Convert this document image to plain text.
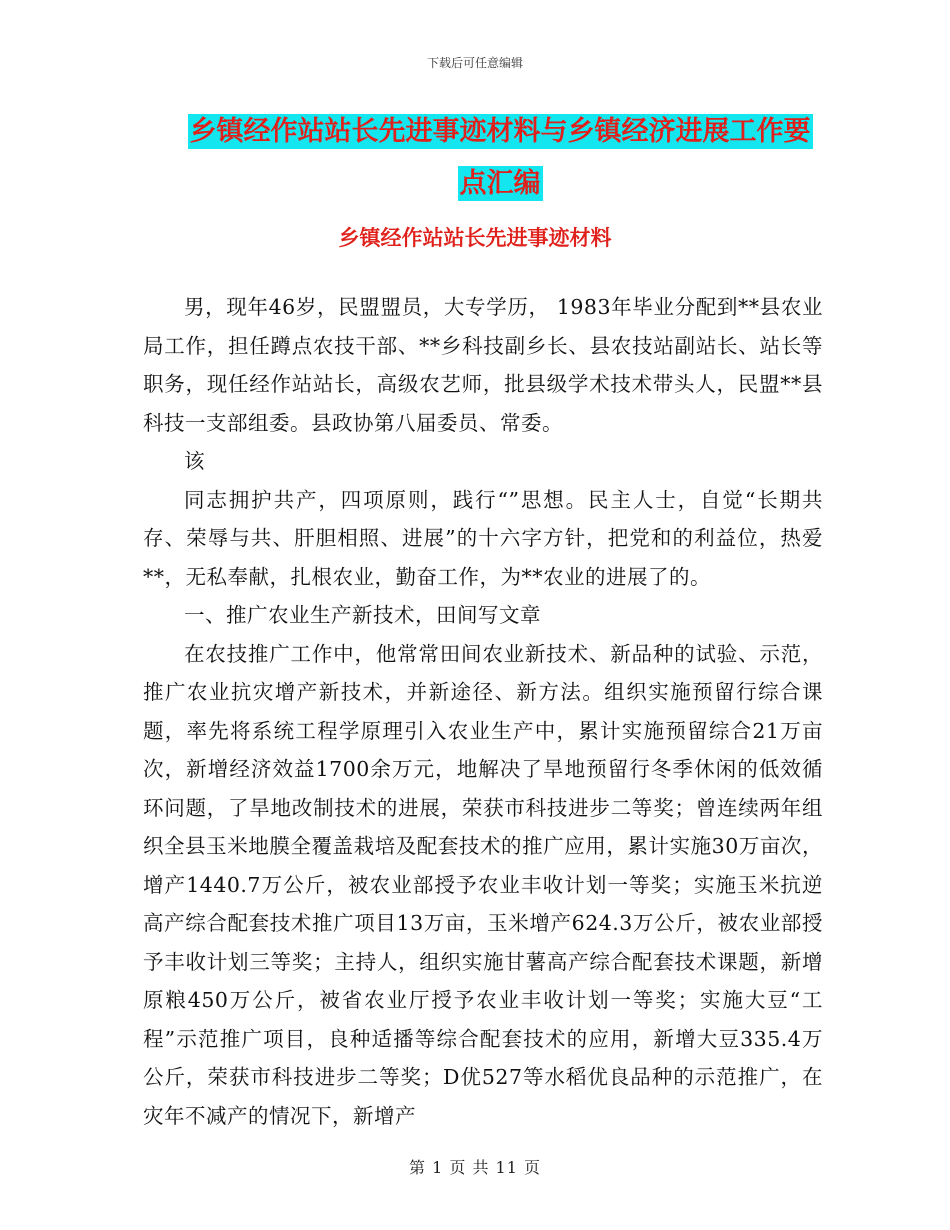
下载后可任意编辑
乡镇经作站站长先进事迹材料与乡镇经济进展工作要
点汇编
乡镇经作站站长先进事迹材料

男，现年46岁，民盟盟员，大专学历， 1983年毕业分配到**县农业局工作，担任蹲点农技干部、**乡科技副乡长、县农技站副站长、站长等职务，现任经作站站长，高级农艺师，批县级学术技术带头人，民盟**县科技一支部组委。县政协第八届委员、常委。

该

同志拥护共产，四项原则，践行“”思想。民主人士，自觉“长期共存、荣辱与共、肝胆相照、进展”的十六字方针，把党和的利益位，热爱**，无私奉献，扎根农业，勤奋工作，为**农业的进展了的。

一、推广农业生产新技术，田间写文章

在农技推广工作中，他常常田间农业新技术、新品种的试验、示范，推广农业抗灾增产新技术，并新途径、新方法。组织实施预留行综合课题，率先将系统工程学原理引入农业生产中，累计实施预留综合21万亩次，新增经济效益1700余万元，地解决了旱地预留行冬季休闲的低效循环问题，了旱地改制技术的进展，荣获市科技进步二等奖；曾连续两年组织全县玉米地膜全覆盖栽培及配套技术的推广应用，累计实施30万亩次，增产1440.7万公斤，被农业部授予农业丰收计划一等奖；实施玉米抗逆高产综合配套技术推广项目13万亩，玉米增产624.3万公斤，被农业部授予丰收计划三等奖；主持人，组织实施甘薯高产综合配套技术课题，新增原粮450万公斤，被省农业厅授予农业丰收计划一等奖；实施大豆“工程”示范推广项目，良种适播等综合配套技术的应用，新增大豆335.4万公斤，荣获市科技进步二等奖；D优527等水稻优良品种的示范推广，在灾年不减产的情况下，新增产

第 1 页 共 11 页
